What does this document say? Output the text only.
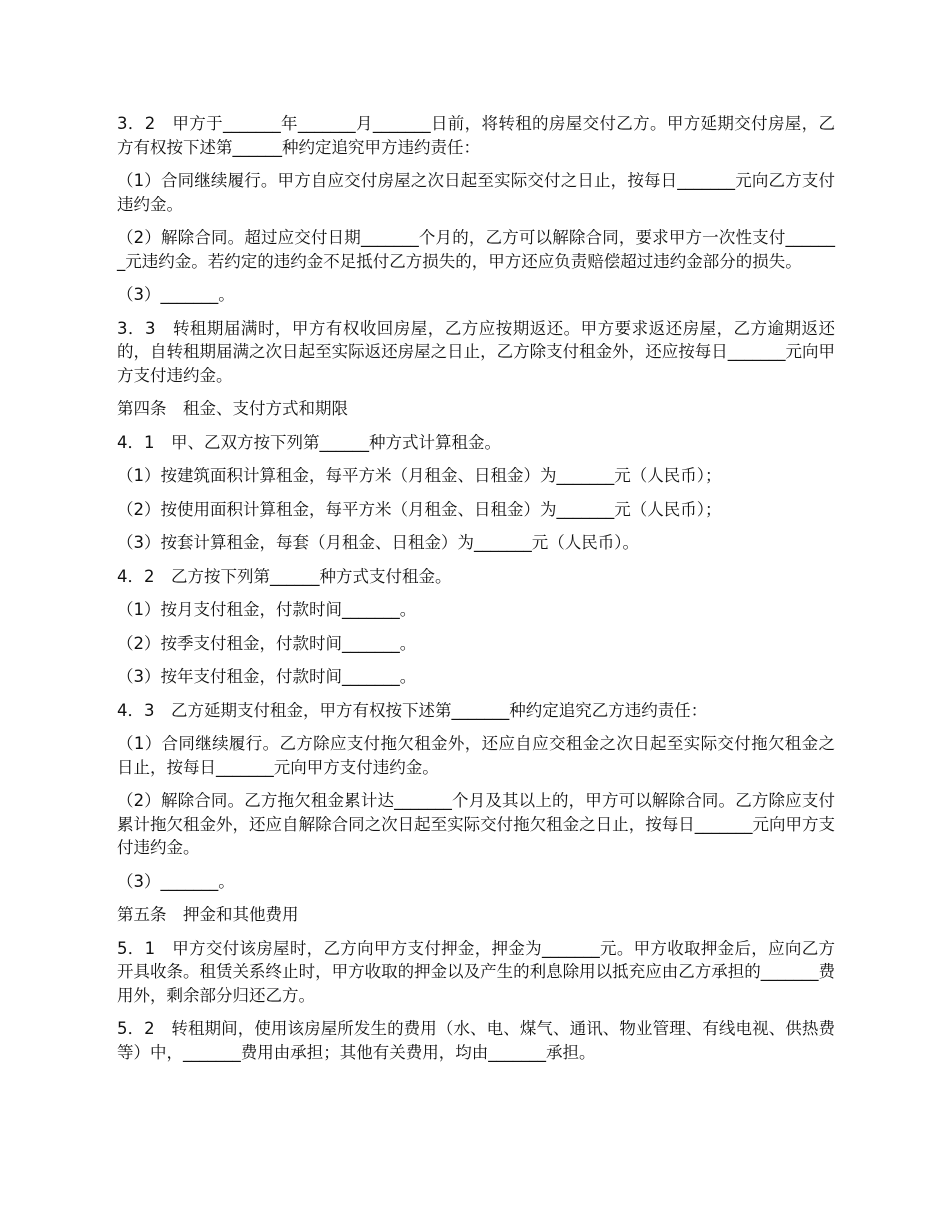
3．2　甲方于_______年_______月_______日前，将转租的房屋交付乙方。甲方延期交付房屋，乙方有权按下述第______种约定追究甲方违约责任：

（1）合同继续履行。甲方自应交付房屋之次日起至实际交付之日止，按每日_______元向乙方支付违约金。

（2）解除合同。超过应交付日期_______个月的，乙方可以解除合同，要求甲方一次性支付_______元违约金。若约定的违约金不足抵付乙方损失的，甲方还应负责赔偿超过违约金部分的损失。

（3）_______。

3．3　转租期届满时，甲方有权收回房屋，乙方应按期返还。甲方要求返还房屋，乙方逾期返还的，自转租期届满之次日起至实际返还房屋之日止，乙方除支付租金外，还应按每日_______元向甲方支付违约金。

第四条　租金、支付方式和期限

4．1　甲、乙双方按下列第______种方式计算租金。

（1）按建筑面积计算租金，每平方米（月租金、日租金）为_______元（人民币）；

（2）按使用面积计算租金，每平方米（月租金、日租金）为_______元（人民币）；

（3）按套计算租金，每套（月租金、日租金）为_______元（人民币）。

4．2　乙方按下列第______种方式支付租金。

（1）按月支付租金，付款时间_______。

（2）按季支付租金，付款时间_______。

（3）按年支付租金，付款时间_______。

4．3　乙方延期支付租金，甲方有权按下述第_______种约定追究乙方违约责任：

（1）合同继续履行。乙方除应支付拖欠租金外，还应自应交租金之次日起至实际交付拖欠租金之日止，按每日_______元向甲方支付违约金。

（2）解除合同。乙方拖欠租金累计达_______个月及其以上的，甲方可以解除合同。乙方除应支付累计拖欠租金外，还应自解除合同之次日起至实际交付拖欠租金之日止，按每日_______元向甲方支付违约金。

（3）_______。

第五条　押金和其他费用

5．1　甲方交付该房屋时，乙方向甲方支付押金，押金为_______元。甲方收取押金后，应向乙方开具收条。租赁关系终止时，甲方收取的押金以及产生的利息除用以抵充应由乙方承担的_______费用外，剩余部分归还乙方。

5．2　转租期间，使用该房屋所发生的费用（水、电、煤气、通讯、物业管理、有线电视、供热费等）中，_______费用由承担；其他有关费用，均由_______承担。
